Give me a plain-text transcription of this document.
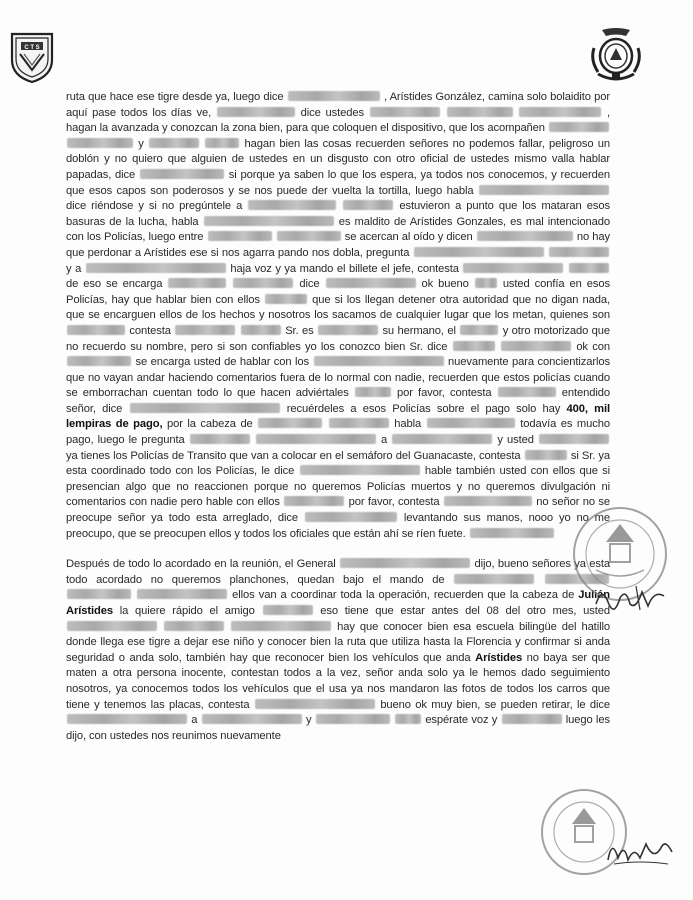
C T S

ruta que hace ese tigre desde ya, luego dice	, Arístides González, camina solo bolaidito por aquí pase todos los días ve,	dice ustedes	, hagan la avanzada y conozcan la zona bien, para que coloquen el dispositivo, que los acompañen   y	hagan bien las cosas recuerden señores no podemos fallar, peligroso un doblón y no quiero que alguien de ustedes en un disgusto con otro oficial de ustedes mismo valla hablar papadas, dice	si porque ya saben lo que los espera, ya todos nos conocemos, y recuerden que esos capos son poderosos y se nos puede der vuelta la tortilla, luego habla  dice riéndose y si no pregúntele a	estuvieron a punto que los mataran esos basuras de la lucha, habla	es maldito de Arístides Gonzales, es mal intencionado con los Policías, luego entre	se acercan al oído y dicen	no hay que perdonar a Arístides ese si nos agarra pando nos dobla, pregunta   y a	haja voz y ya mando el billete el jefe, contesta   de eso se encarga	dice	ok bueno	usted confía en esos Policías, hay que hablar bien con ellos	que si los llegan detener otra autoridad que no digan nada, que se encarguen ellos de los hechos y nosotros los sacamos de cualquier lugar que los metan, quienes son  contesta	Sr. es	su hermano, el	y otro motorizado que no recuerdo su nombre, pero si son confiables yo los conozco bien Sr. dice	ok con  se encarga usted de hablar con los	nuevamente para concientizarlos que no vayan andar haciendo comentarios fuera de lo normal con nadie, recuerden que estos policías cuando se emborrachan cuentan todo lo que hacen adviértales	por favor, contesta	entendido señor, dice	recuérdeles a esos Policías sobre el pago solo hay 400, mil lempiras de pago, por la cabeza de	habla	todavía es mucho pago, luego le pregunta	a	y usted  ya tienes los Policías de Transito que van a colocar en el semáforo del Guanacaste, contesta	si Sr. ya esta coordinado todo con los Policías, le dice	hable también usted con ellos que si presencian algo que no reaccionen porque no queremos Policías muertos y no queremos divulgación ni comentarios con nadie pero hable con ellos	por favor, contesta	no señor no se preocupe señor ya todo esta arreglado, dice	levantando sus manos, nooo yo no me preocupo, que se preocupen ellos y todos los oficiales que están ahí se ríen fuete.

Después de todo lo acordado en la reunión, el General	dijo, bueno señores ya esta todo acordado no queremos planchones, quedan bajo el mando de     ellos van a coordinar toda la operación, recuerden que la cabeza de Julián Arístides la quiere rápido el amigo	eso tiene que estar antes del 08 del otro mes, usted    hay que conocer bien esa escuela bilingüe del hatillo donde llega ese tigre a dejar ese niño y conocer bien la ruta que utiliza hasta la Florencia y confirmar si anda seguridad o anda solo, también hay que reconocer bien los vehículos que anda Arístides no baya ser que maten a otra persona inocente, contestan todos a la vez, señor anda solo ya le hemos dado seguimiento nosotros, ya conocemos todos los vehículos que el usa ya nos mandaron las fotos de todos los carros que tiene y tenemos las placas, contesta	bueno ok muy bien, se pueden retirar, le dice  a	y	espérate voz y	luego les dijo, con ustedes nos reunimos nuevamente
